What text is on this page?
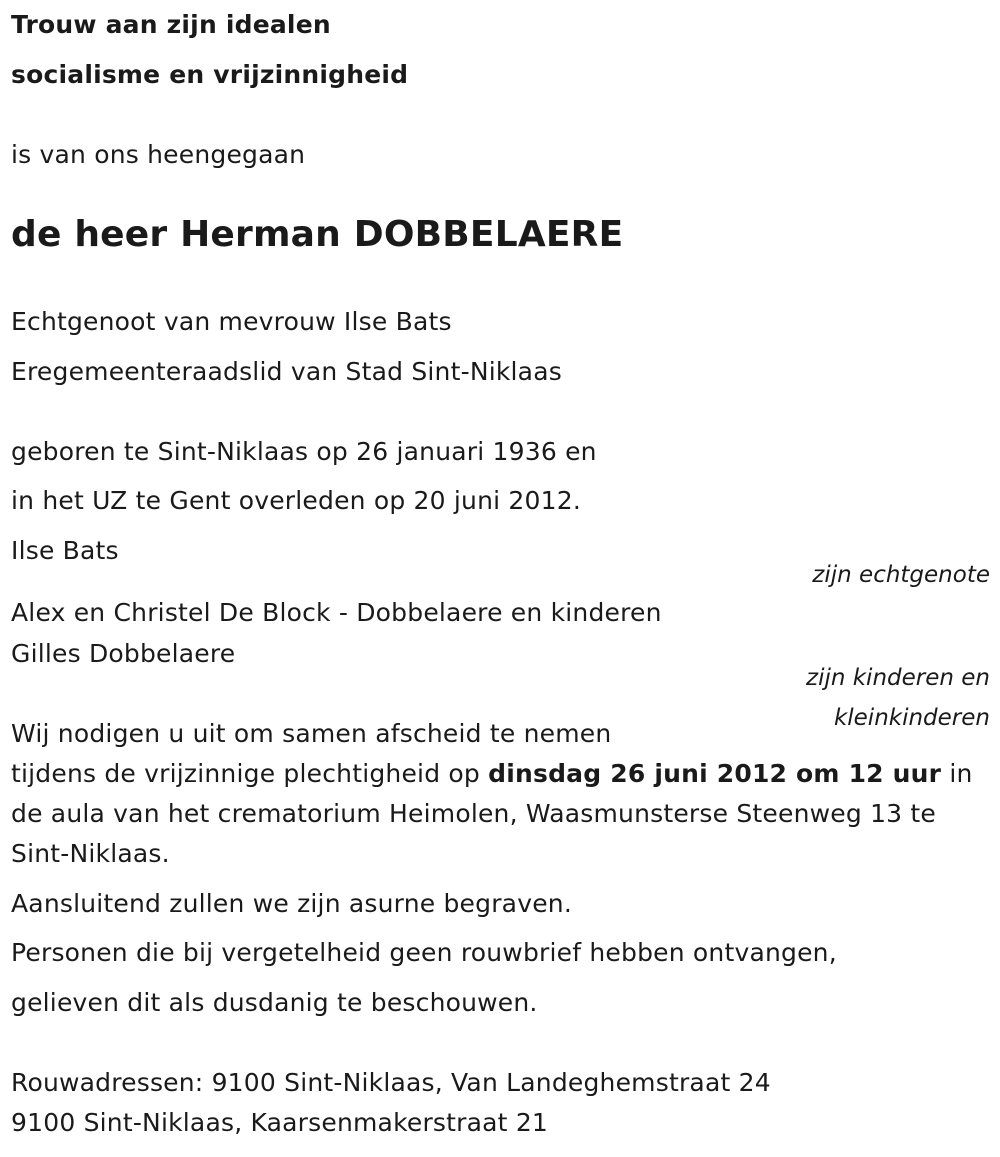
Trouw aan zijn idealen
socialisme en vrijzinnigheid
is van ons heengegaan
de heer Herman DOBBELAERE
Echtgenoot van mevrouw Ilse Bats
Eregemeenteraadslid van Stad Sint-Niklaas
geboren te Sint-Niklaas op 26 januari 1936 en
in het UZ te Gent overleden op 20 juni 2012.
Ilse Bats
zijn echtgenote
Alex en Christel De Block - Dobbelaere en kinderen
Gilles Dobbelaere
zijn kinderen en
kleinkinderen
Wij nodigen u uit om samen afscheid te nemen
tijdens de vrijzinnige plechtigheid op dinsdag 26 juni 2012 om 12 uur in de aula van het crematorium Heimolen, Waasmunsterse Steenweg 13 te Sint-Niklaas.
Aansluitend zullen we zijn asurne begraven.
Personen die bij vergetelheid geen rouwbrief hebben ontvangen,
gelieven dit als dusdanig te beschouwen.
Rouwadressen: 9100 Sint-Niklaas, Van Landeghemstraat 24
9100 Sint-Niklaas, Kaarsenmakerstraat 21
